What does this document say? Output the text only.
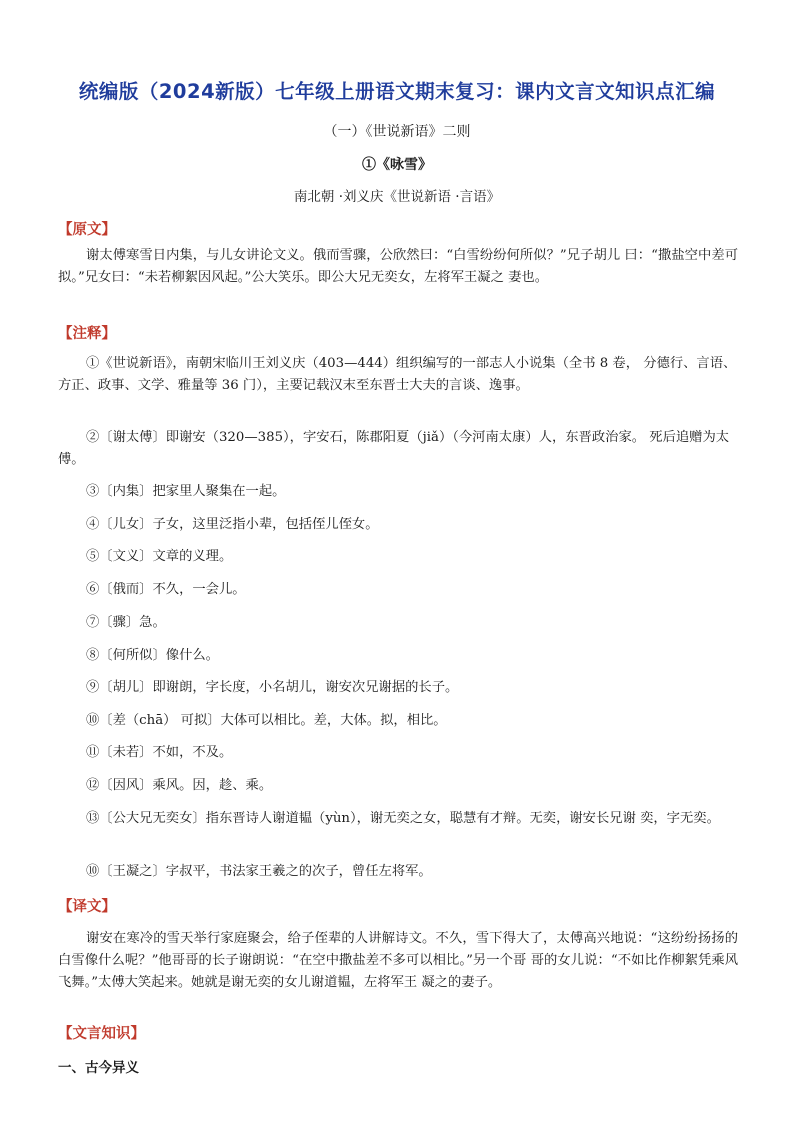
统编版（2024新版）七年级上册语文期末复习：课内文言文知识点汇编
（一）《世说新语》二则
①《咏雪》
南北朝 ·刘义庆《世说新语 ·言语》
【原文】
谢太傅寒雪日内集，与儿女讲论文义。俄而雪骤，公欣然曰：“白雪纷纷何所似？”兄子胡儿 曰：“撒盐空中差可拟。”兄女曰：“未若柳絮因风起。”公大笑乐。即公大兄无奕女，左将军王凝之 妻也。
【注释】
①《世说新语》，南朝宋临川王刘义庆（403—444）组织编写的一部志人小说集（全书 8 卷， 分德行、言语、方正、政事、文学、雅量等 36 门），主要记载汉末至东晋士大夫的言谈、逸事。
②〔谢太傅〕即谢安（320—385），字安石，陈郡阳夏（jiǎ）（今河南太康）人，东晋政治家。 死后追赠为太傅。
③〔内集〕把家里人聚集在一起。
④〔儿女〕子女，这里泛指小辈，包括侄儿侄女。
⑤〔文义〕文章的义理。
⑥〔俄而〕不久，一会儿。
⑦〔骤〕急。
⑧〔何所似〕像什么。
⑨〔胡儿〕即谢朗，字长度，小名胡儿，谢安次兄谢据的长子。
⑩〔差（chā） 可拟〕大体可以相比。差，大体。拟，相比。
⑪〔未若〕不如，不及。
⑫〔因风〕乘风。因，趁、乘。
⑬〔公大兄无奕女〕指东晋诗人谢道韫（yùn），谢无奕之女，聪慧有才辩。无奕，谢安长兄谢 奕，字无奕。
⑩〔王凝之〕字叔平，书法家王羲之的次子，曾任左将军。
【译文】
谢安在寒冷的雪天举行家庭聚会，给子侄辈的人讲解诗文。不久，雪下得大了，太傅高兴地说：“这纷纷扬扬的白雪像什么呢？”他哥哥的长子谢朗说：“在空中撒盐差不多可以相比。”另一个哥 哥的女儿说：“不如比作柳絮凭乘风飞舞。”太傅大笑起来。她就是谢无奕的女儿谢道韫，左将军王 凝之的妻子。
【文言知识】
一、古今异义
